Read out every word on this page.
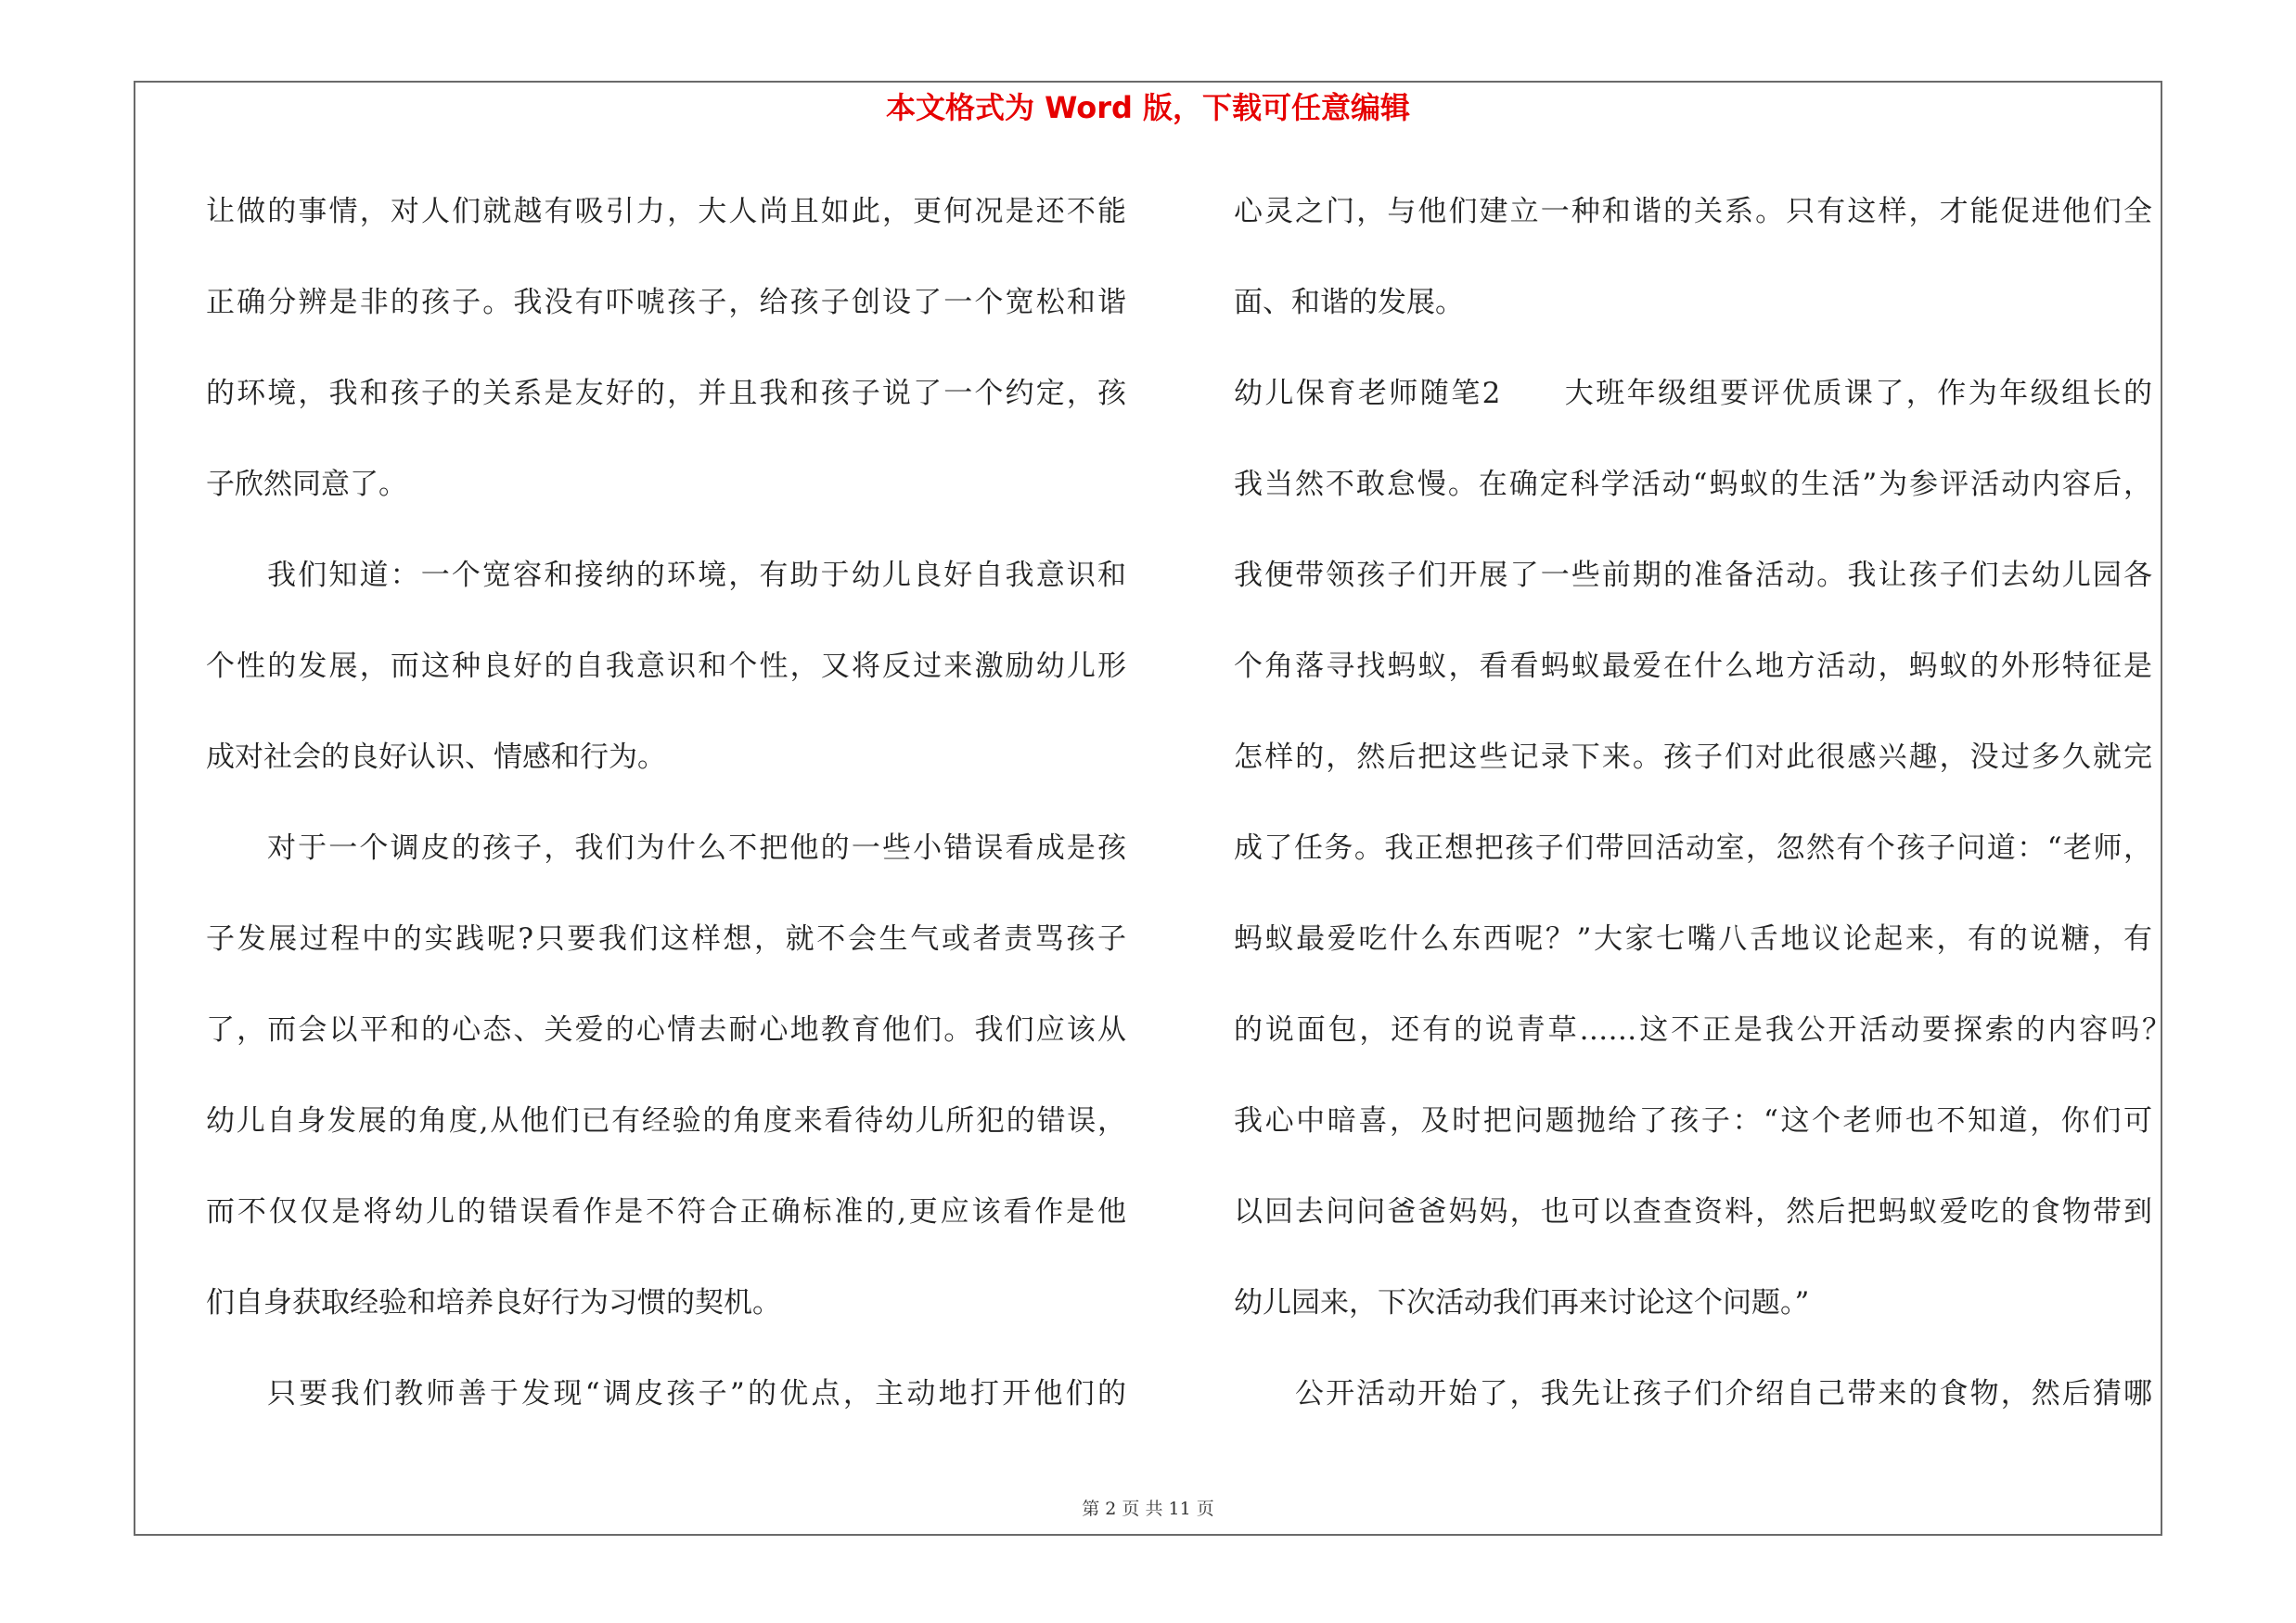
本文格式为 Word 版，下载可任意编辑
让做的事情，对人们就越有吸引力，大人尚且如此，更何况是还不能
正确分辨是非的孩子。我没有吓唬孩子，给孩子创设了一个宽松和谐
的环境，我和孩子的关系是友好的，并且我和孩子说了一个约定，孩
子欣然同意了。
我们知道：一个宽容和接纳的环境，有助于幼儿良好自我意识和
个性的发展，而这种良好的自我意识和个性，又将反过来激励幼儿形
成对社会的良好认识、情感和行为。
对于一个调皮的孩子，我们为什么不把他的一些小错误看成是孩
子发展过程中的实践呢?只要我们这样想，就不会生气或者责骂孩子
了，而会以平和的心态、关爱的心情去耐心地教育他们。我们应该从
幼儿自身发展的角度,从他们已有经验的角度来看待幼儿所犯的错误，
而不仅仅是将幼儿的错误看作是不符合正确标准的,更应该看作是他
们自身获取经验和培养良好行为习惯的契机。
只要我们教师善于发现“调皮孩子”的优点，主动地打开他们的
心灵之门，与他们建立一种和谐的关系。只有这样，才能促进他们全
面、和谐的发展。
幼儿保育老师随笔2　　大班年级组要评优质课了，作为年级组长的
我当然不敢怠慢。在确定科学活动“蚂蚁的生活”为参评活动内容后，
我便带领孩子们开展了一些前期的准备活动。我让孩子们去幼儿园各
个角落寻找蚂蚁，看看蚂蚁最爱在什么地方活动，蚂蚁的外形特征是
怎样的，然后把这些记录下来。孩子们对此很感兴趣，没过多久就完
成了任务。我正想把孩子们带回活动室，忽然有个孩子问道：“老师，
蚂蚁最爱吃什么东西呢？”大家七嘴八舌地议论起来，有的说糖，有
的说面包，还有的说青草……这不正是我公开活动要探索的内容吗？
我心中暗喜，及时把问题抛给了孩子：“这个老师也不知道，你们可
以回去问问爸爸妈妈，也可以查查资料，然后把蚂蚁爱吃的食物带到
幼儿园来，下次活动我们再来讨论这个问题。”
公开活动开始了，我先让孩子们介绍自己带来的食物，然后猜哪
第 2 页 共 11 页
